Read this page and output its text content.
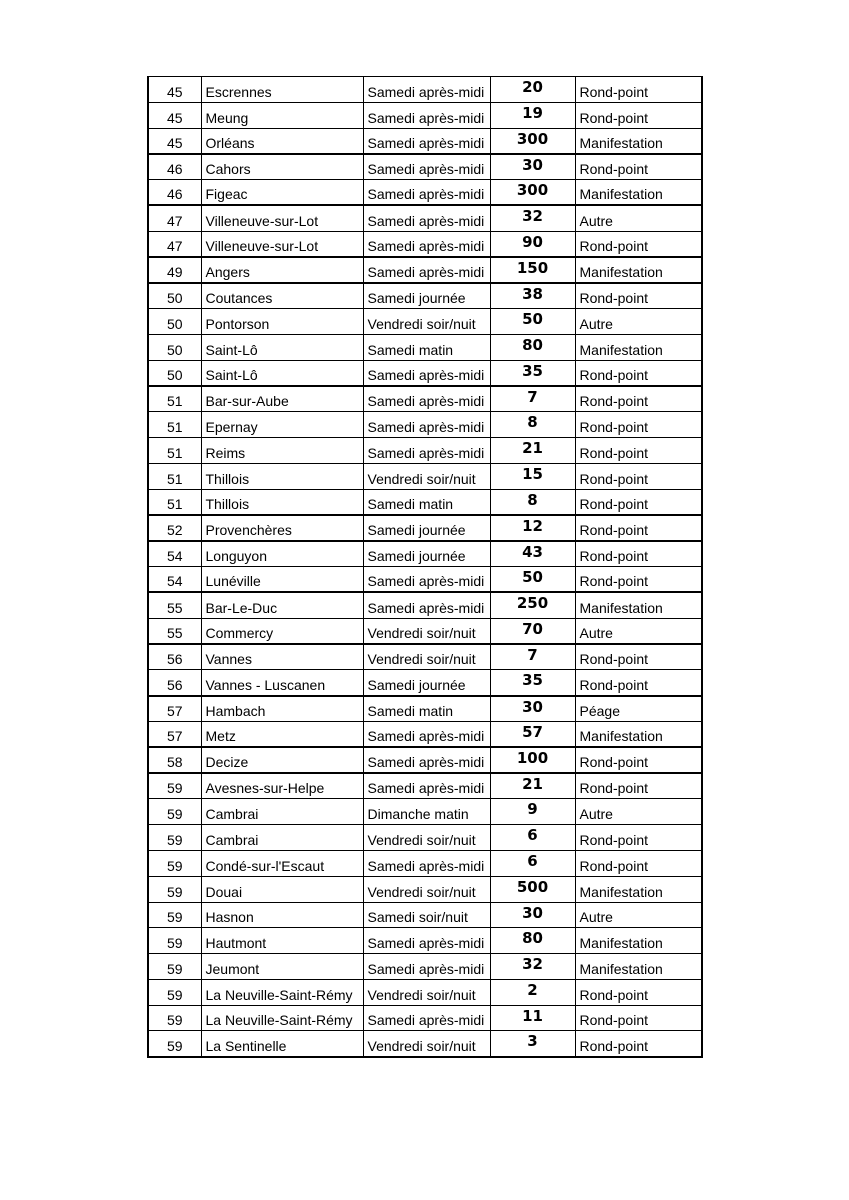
45	Escrennes	Samedi après-midi	20	Rond-point
45	Meung	Samedi après-midi	19	Rond-point
45	Orléans	Samedi après-midi	300	Manifestation
46	Cahors	Samedi après-midi	30	Rond-point
46	Figeac	Samedi après-midi	300	Manifestation
47	Villeneuve-sur-Lot	Samedi après-midi	32	Autre
47	Villeneuve-sur-Lot	Samedi après-midi	90	Rond-point
49	Angers	Samedi après-midi	150	Manifestation
50	Coutances	Samedi journée	38	Rond-point
50	Pontorson	Vendredi soir/nuit	50	Autre
50	Saint-Lô	Samedi matin	80	Manifestation
50	Saint-Lô	Samedi après-midi	35	Rond-point
51	Bar-sur-Aube	Samedi après-midi	7	Rond-point
51	Epernay	Samedi après-midi	8	Rond-point
51	Reims	Samedi après-midi	21	Rond-point
51	Thillois	Vendredi soir/nuit	15	Rond-point
51	Thillois	Samedi matin	8	Rond-point
52	Provenchères	Samedi journée	12	Rond-point
54	Longuyon	Samedi journée	43	Rond-point
54	Lunéville	Samedi après-midi	50	Rond-point
55	Bar-Le-Duc	Samedi après-midi	250	Manifestation
55	Commercy	Vendredi soir/nuit	70	Autre
56	Vannes	Vendredi soir/nuit	7	Rond-point
56	Vannes - Luscanen	Samedi journée	35	Rond-point
57	Hambach	Samedi matin	30	Péage
57	Metz	Samedi après-midi	57	Manifestation
58	Decize	Samedi après-midi	100	Rond-point
59	Avesnes-sur-Helpe	Samedi après-midi	21	Rond-point
59	Cambrai	Dimanche matin	9	Autre
59	Cambrai	Vendredi soir/nuit	6	Rond-point
59	Condé-sur-l'Escaut	Samedi après-midi	6	Rond-point
59	Douai	Vendredi soir/nuit	500	Manifestation
59	Hasnon	Samedi soir/nuit	30	Autre
59	Hautmont	Samedi après-midi	80	Manifestation
59	Jeumont	Samedi après-midi	32	Manifestation
59	La Neuville-Saint-Rémy	Vendredi soir/nuit	2	Rond-point
59	La Neuville-Saint-Rémy	Samedi après-midi	11	Rond-point
59	La Sentinelle	Vendredi soir/nuit	3	Rond-point
